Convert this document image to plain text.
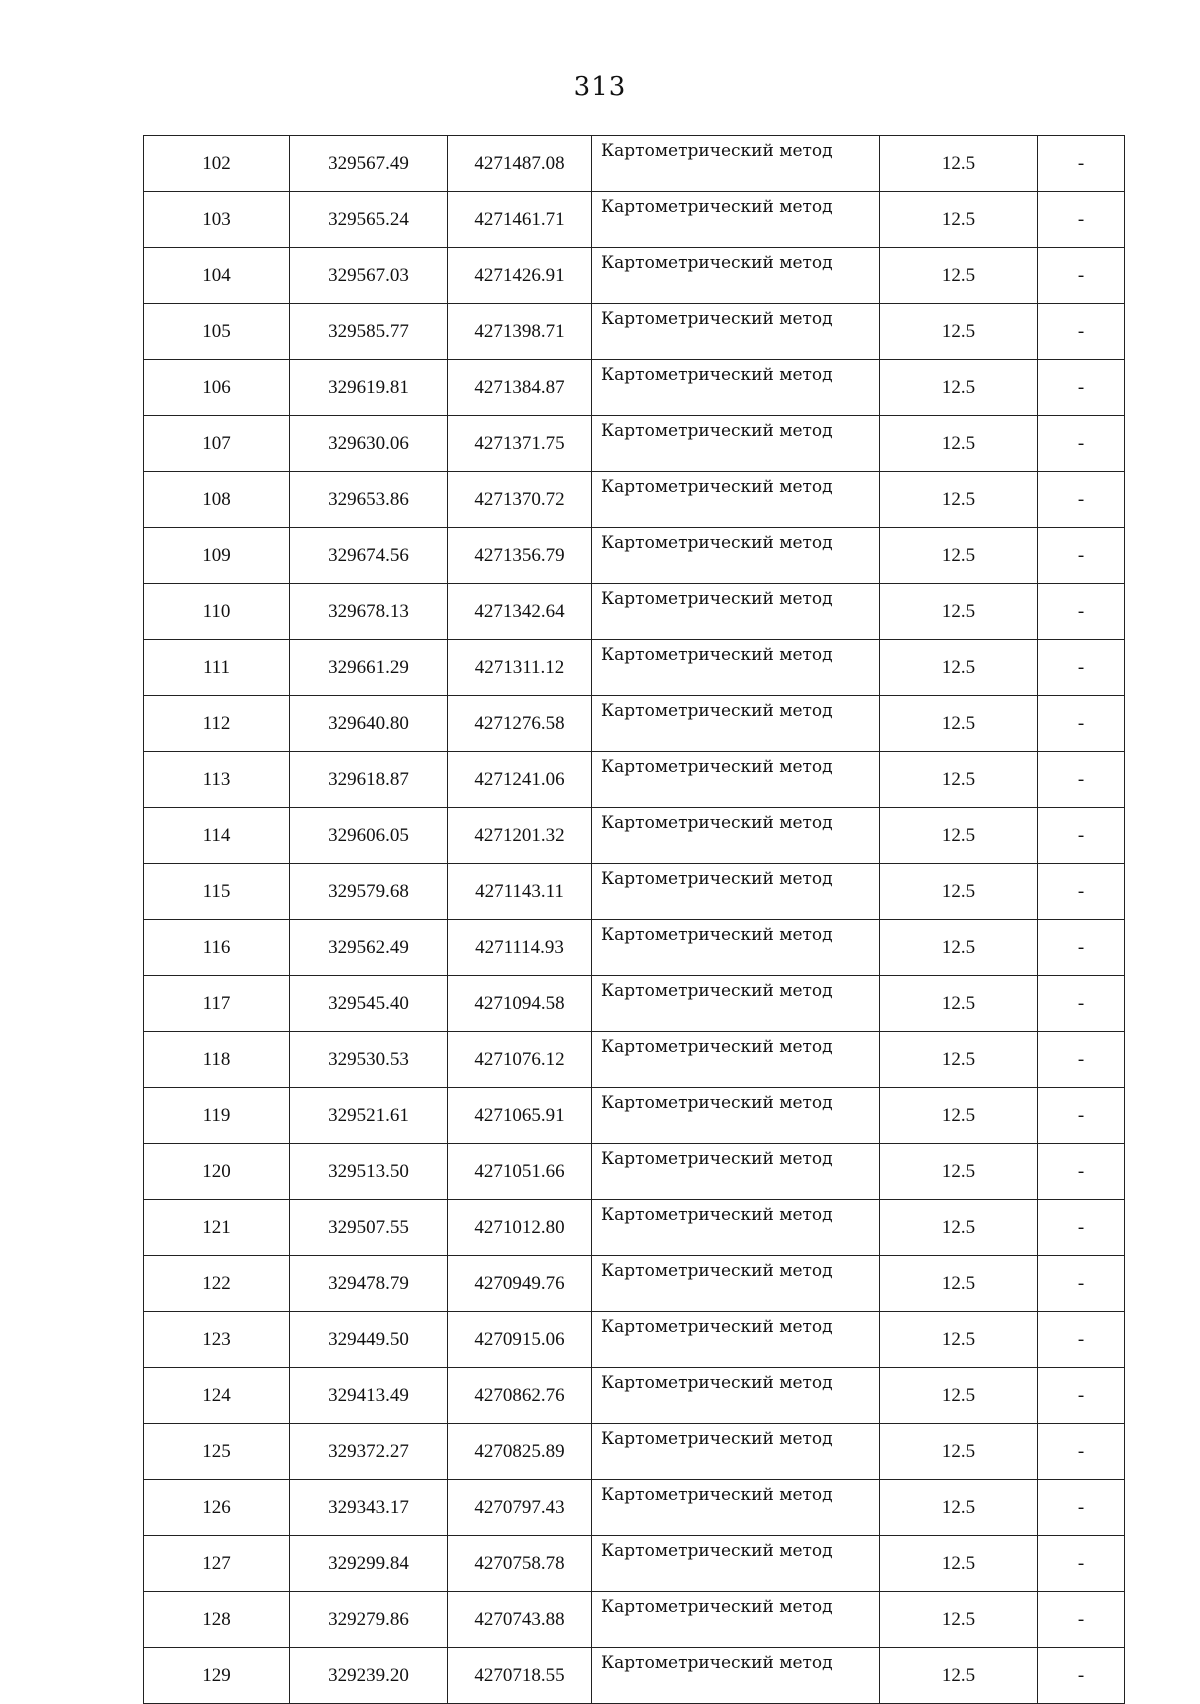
313
102	329567.49	4271487.08	Картометрический метод	12.5	-
103	329565.24	4271461.71	Картометрический метод	12.5	-
104	329567.03	4271426.91	Картометрический метод	12.5	-
105	329585.77	4271398.71	Картометрический метод	12.5	-
106	329619.81	4271384.87	Картометрический метод	12.5	-
107	329630.06	4271371.75	Картометрический метод	12.5	-
108	329653.86	4271370.72	Картометрический метод	12.5	-
109	329674.56	4271356.79	Картометрический метод	12.5	-
110	329678.13	4271342.64	Картометрический метод	12.5	-
111	329661.29	4271311.12	Картометрический метод	12.5	-
112	329640.80	4271276.58	Картометрический метод	12.5	-
113	329618.87	4271241.06	Картометрический метод	12.5	-
114	329606.05	4271201.32	Картометрический метод	12.5	-
115	329579.68	4271143.11	Картометрический метод	12.5	-
116	329562.49	4271114.93	Картометрический метод	12.5	-
117	329545.40	4271094.58	Картометрический метод	12.5	-
118	329530.53	4271076.12	Картометрический метод	12.5	-
119	329521.61	4271065.91	Картометрический метод	12.5	-
120	329513.50	4271051.66	Картометрический метод	12.5	-
121	329507.55	4271012.80	Картометрический метод	12.5	-
122	329478.79	4270949.76	Картометрический метод	12.5	-
123	329449.50	4270915.06	Картометрический метод	12.5	-
124	329413.49	4270862.76	Картометрический метод	12.5	-
125	329372.27	4270825.89	Картометрический метод	12.5	-
126	329343.17	4270797.43	Картометрический метод	12.5	-
127	329299.84	4270758.78	Картометрический метод	12.5	-
128	329279.86	4270743.88	Картометрический метод	12.5	-
129	329239.20	4270718.55	Картометрический метод	12.5	-
